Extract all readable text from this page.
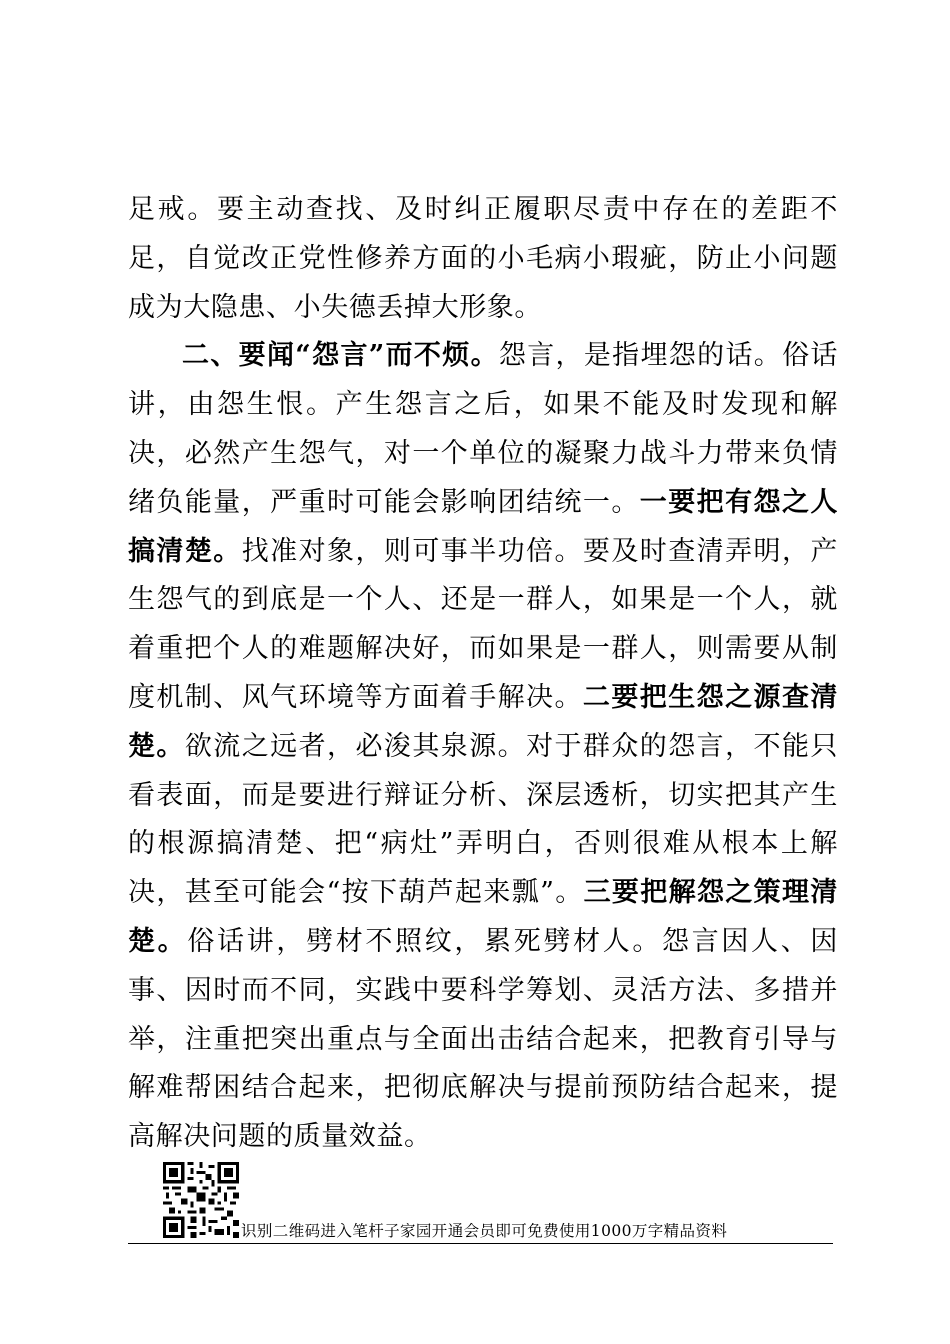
足戒。要主动查找、及时纠正履职尽责中存在的差距不足，自觉改正党性修养方面的小毛病小瑕疵，防止小问题成为大隐患、小失德丢掉大形象。

二、要闻“怨言”而不烦。怨言，是指埋怨的话。俗话讲，由怨生恨。产生怨言之后，如果不能及时发现和解决，必然产生怨气，对一个单位的凝聚力战斗力带来负情绪负能量，严重时可能会影响团结统一。一要把有怨之人搞清楚。找准对象，则可事半功倍。要及时查清弄明，产生怨气的到底是一个人、还是一群人，如果是一个人，就着重把个人的难题解决好，而如果是一群人，则需要从制度机制、风气环境等方面着手解决。二要把生怨之源查清楚。欲流之远者，必浚其泉源。对于群众的怨言，不能只看表面，而是要进行辩证分析、深层透析，切实把其产生的根源搞清楚、把“病灶”弄明白，否则很难从根本上解决，甚至可能会“按下葫芦起来瓢”。三要把解怨之策理清楚。俗话讲，劈材不照纹，累死劈材人。怨言因人、因事、因时而不同，实践中要科学筹划、灵活方法、多措并举，注重把突出重点与全面出击结合起来，把教育引导与解难帮困结合起来，把彻底解决与提前预防结合起来，提高解决问题的质量效益。

识别二维码进入笔杆子家园开通会员即可免费使用1000万字精品资料
